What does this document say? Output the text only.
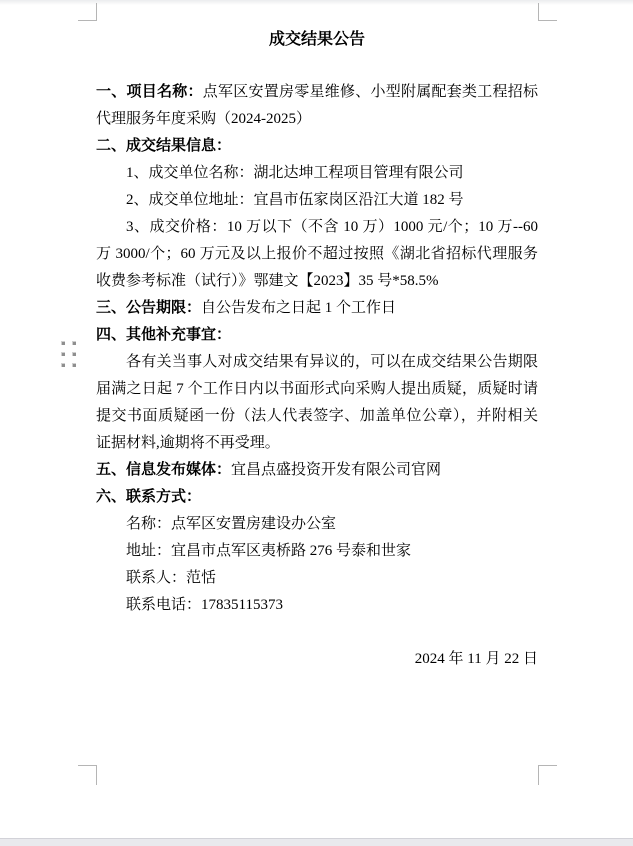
成交结果公告

一、项目名称：点军区安置房零星维修、小型附属配套类工程招标代理服务年度采购（2024-2025）

二、成交结果信息：

1、成交单位名称：湖北达坤工程项目管理有限公司

2、成交单位地址：宜昌市伍家岗区沿江大道 182 号

3、成交价格：10 万以下（不含 10 万）1000 元/个；10 万--60 万 3000/个；60 万元及以上报价不超过按照《湖北省招标代理服务收费参考标准（试行）》鄂建文【2023】35 号*58.5%

三、公告期限：自公告发布之日起 1 个工作日

四、其他补充事宜：

各有关当事人对成交结果有异议的，可以在成交结果公告期限届满之日起 7 个工作日内以书面形式向采购人提出质疑，质疑时请提交书面质疑函一份（法人代表签字、加盖单位公章），并附相关证据材料,逾期将不再受理。

五、信息发布媒体：宜昌点盛投资开发有限公司官网

六、联系方式：

名称：点军区安置房建设办公室

地址：宜昌市点军区夷桥路 276 号泰和世家

联系人：范恬

联系电话：17835115373

2024 年 11 月 22 日
